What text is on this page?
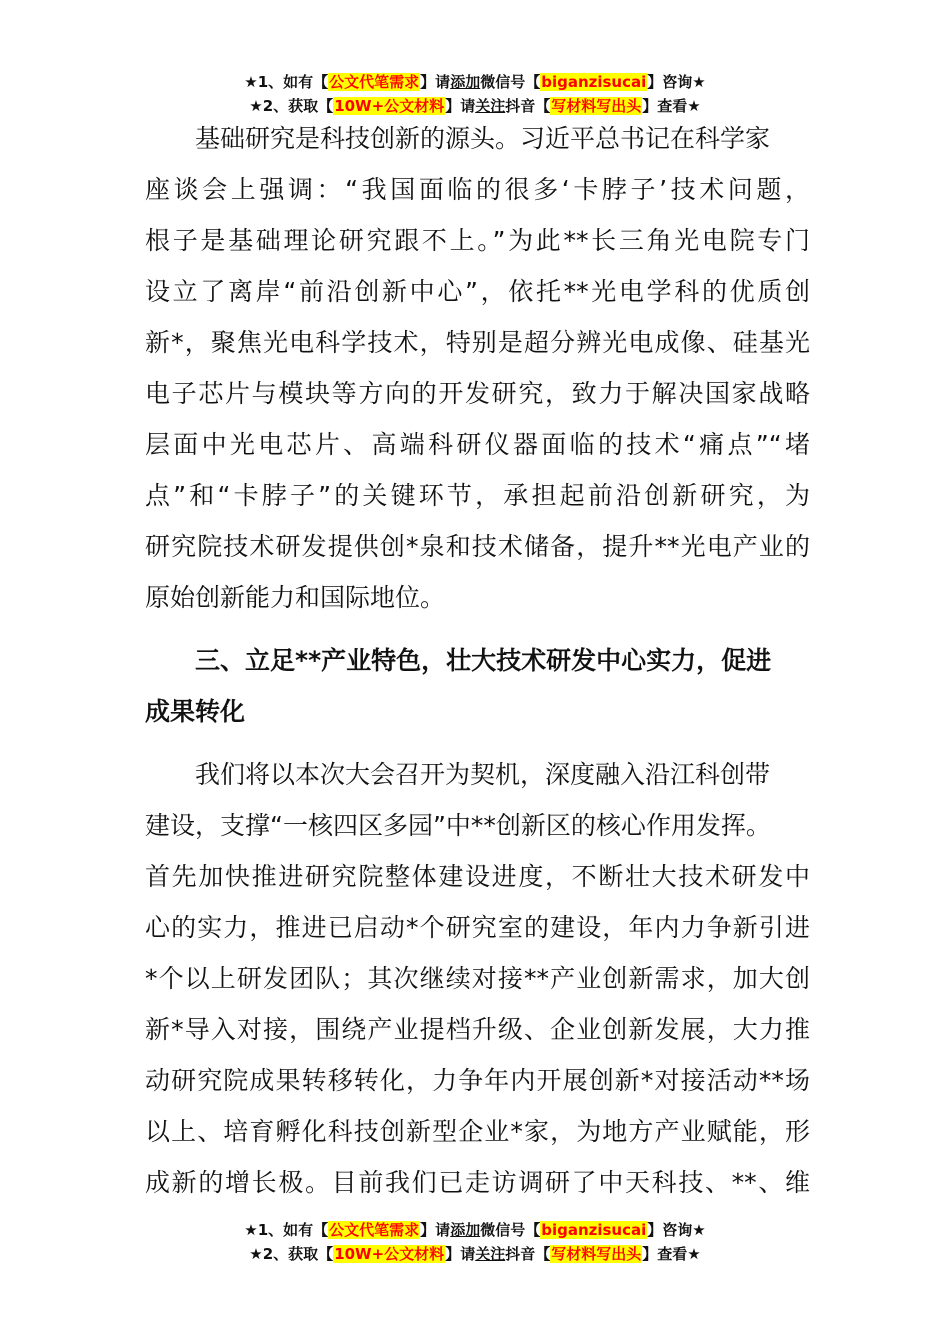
★1、如有【公文代笔需求】请添加微信号【biganzisucai】咨询★
★2、获取【10W+公文材料】请关注抖音【写材料写出头】查看★
基础研究是科技创新的源头。习近平总书记在科学家
座谈会上强调：“我国面临的很多‘卡脖子’技术问题，
根子是基础理论研究跟不上。”为此**长三角光电院专门
设立了离岸“前沿创新中心”，依托**光电学科的优质创
新*，聚焦光电科学技术，特别是超分辨光电成像、硅基光
电子芯片与模块等方向的开发研究，致力于解决国家战略
层面中光电芯片、高端科研仪器面临的技术“痛点”“堵
点”和“卡脖子”的关键环节，承担起前沿创新研究，为
研究院技术研发提供创*泉和技术储备，提升**光电产业的
原始创新能力和国际地位。
三、立足**产业特色，壮大技术研发中心实力，促进
成果转化
我们将以本次大会召开为契机，深度融入沿江科创带
建设，支撑“一核四区多园”中**创新区的核心作用发挥。
首先加快推进研究院整体建设进度，不断壮大技术研发中
心的实力，推进已启动*个研究室的建设，年内力争新引进
*个以上研发团队；其次继续对接**产业创新需求，加大创
新*导入对接，围绕产业提档升级、企业创新发展，大力推
动研究院成果转移转化，力争年内开展创新*对接活动**场
以上、培育孵化科技创新型企业*家，为地方产业赋能，形
成新的增长极。目前我们已走访调研了中天科技、**、维
★1、如有【公文代笔需求】请添加微信号【biganzisucai】咨询★
★2、获取【10W+公文材料】请关注抖音【写材料写出头】查看★
